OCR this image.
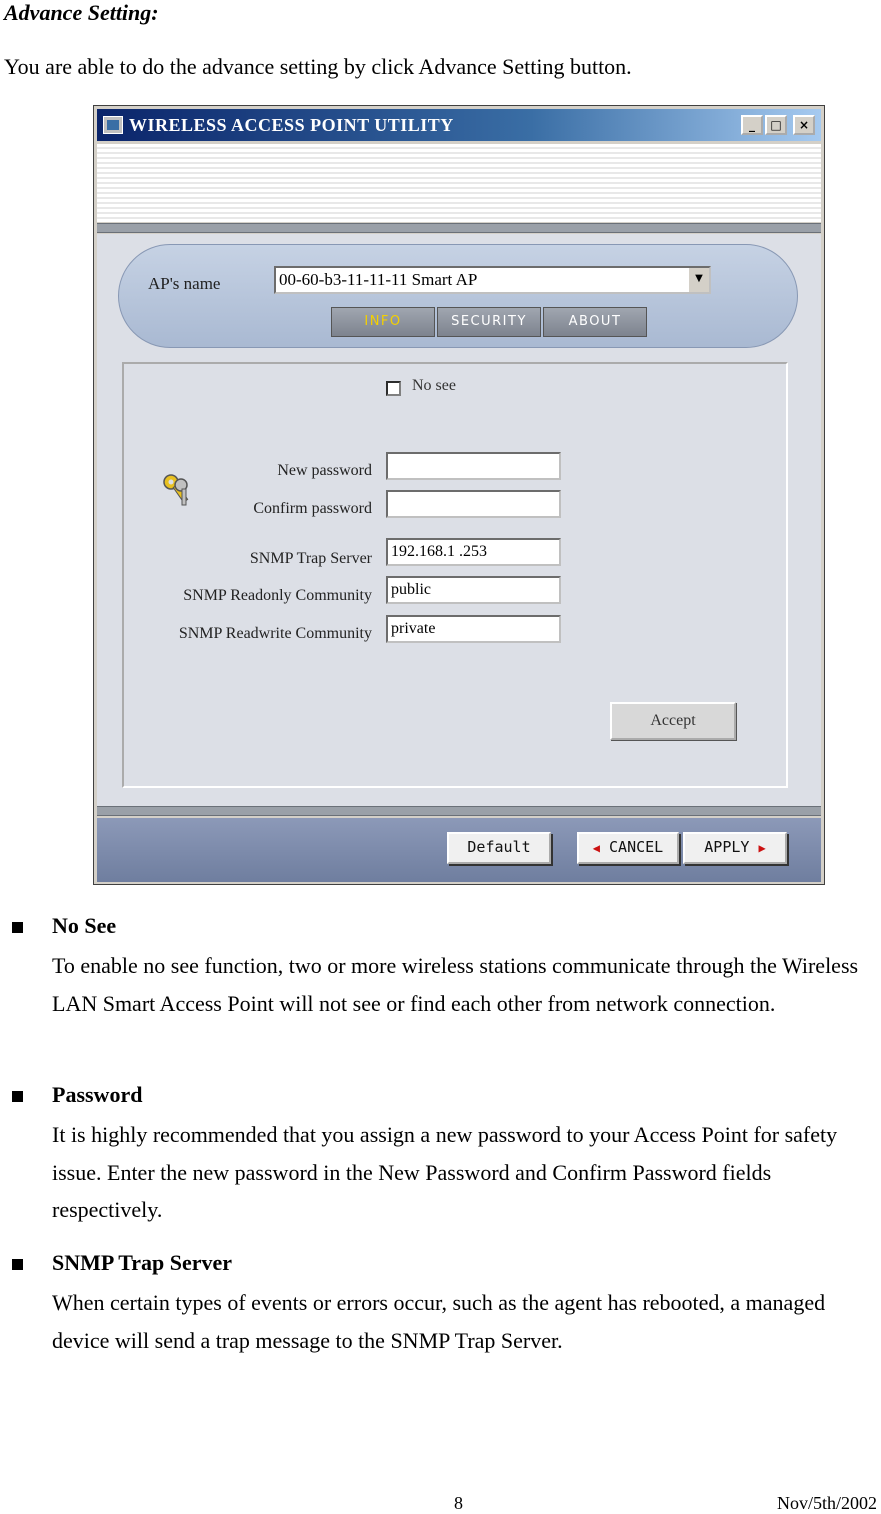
Advance Setting:
You are able to do the advance setting by click Advance Setting button.
WIRELESS ACCESS POINT UTILITY	_	□	×
AP's name	00-60-b3-11-11-11 Smart AP	▼
INFO	SECURITY	ABOUT
No see
New password
Confirm password
SNMP Trap Server	192.168.1 .253
SNMP Readonly Community	public
SNMP Readwrite Community	private
Accept
Default	◀ CANCEL	APPLY ▶
No See
To enable no see function, two or more wireless stations communicate through the Wireless LAN Smart Access Point will not see or find each other from network connection.
Password
It is highly recommended that you assign a new password to your Access Point for safety issue. Enter the new password in the New Password and Confirm Password fields respectively.
SNMP Trap Server
When certain types of events or errors occur, such as the agent has rebooted, a managed device will send a trap message to the SNMP Trap Server.
8	Nov/5th/2002
